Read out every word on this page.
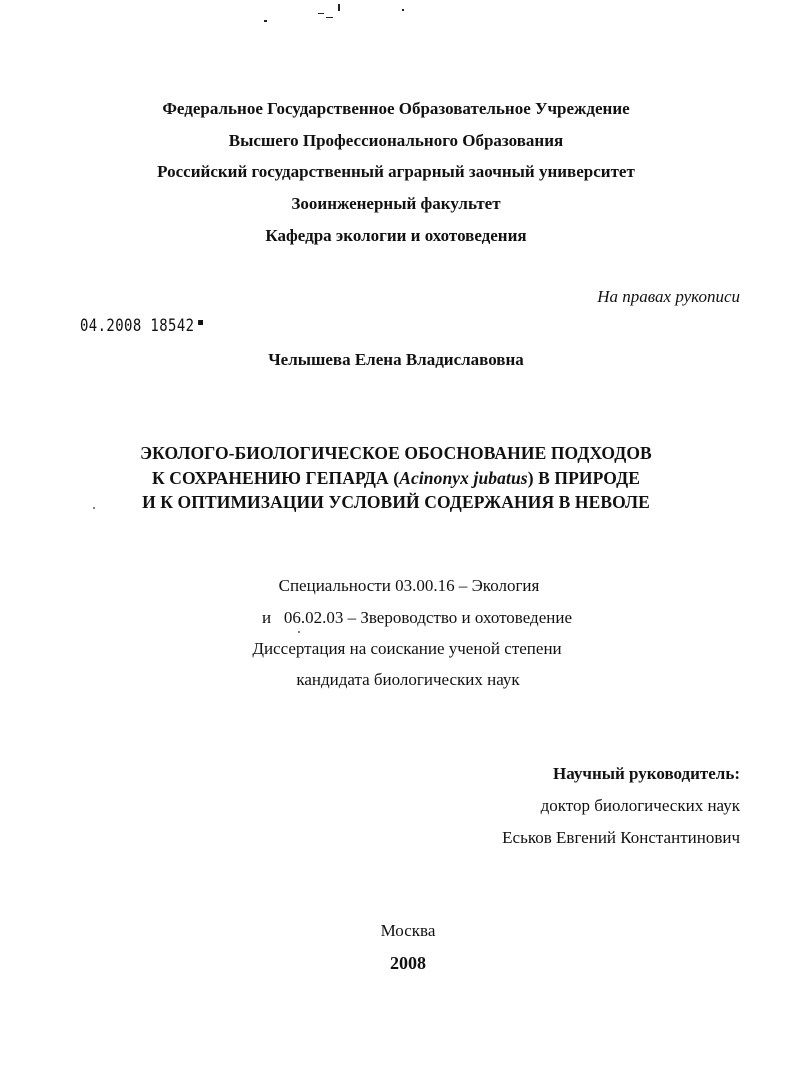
Федеральное Государственное Образовательное Учреждение
Высшего Профессионального Образования
Российский государственный аграрный заочный университет
Зооинженерный факультет
Кафедра экологии и охотоведения
На правах рукописи
04.2008 18542
Челышева Елена Владиславовна
ЭКОЛОГО-БИОЛОГИЧЕСКОЕ ОБОСНОВАНИЕ ПОДХОДОВ
К СОХРАНЕНИЮ ГЕПАРДА (Acinonyx jubatus) В ПРИРОДЕ
И К ОПТИМИЗАЦИИ УСЛОВИЙ СОДЕРЖАНИЯ В НЕВОЛЕ
Специальности 03.00.16 – Экология
и   06.02.03 – Звероводство и охотоведение
Диссертация на соискание ученой степени
кандидата биологических наук
Научный руководитель:
доктор биологических наук
Еськов Евгений Константинович
Москва
2008
